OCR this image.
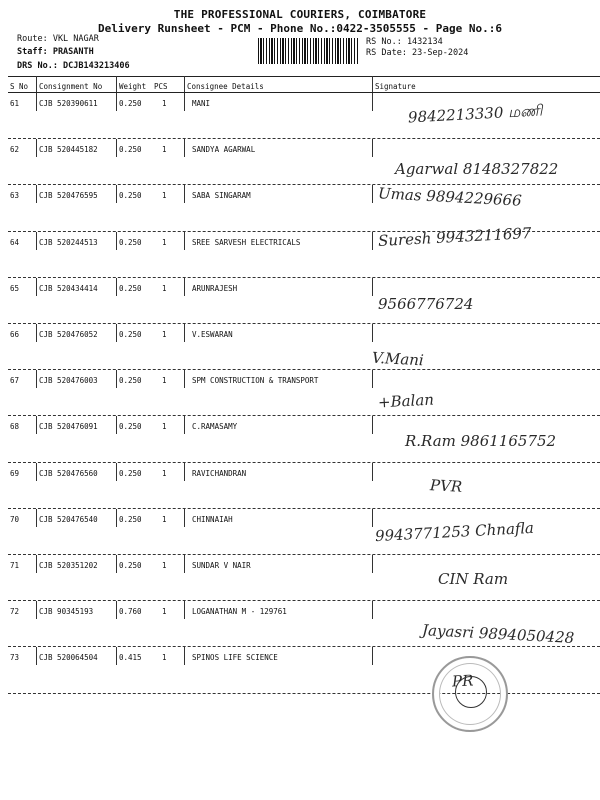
THE PROFESSIONAL COURIERS, COIMBATORE
Delivery Runsheet - PCM - Phone No.:0422-3505555 - Page No.:6
Route: VKL NAGAR
Staff: PRASANTH
DRS No.: DCJB143213406
RS No.: 1432134
RS Date: 23-Sep-2024
S No Consignment No Weight PCS	Consignee Details	Signature
61	CJB 520390611	0.250	1	MANI	9842213330 மணி
62	CJB 520445182	0.250	1	SANDYA AGARWAL
Agarwal 8148327822
63	CJB 520476595	0.250	1	SABA SINGARAM	Umas 9894229666
64	CJB 520244513	0.250	1	SREE SARVESH ELECTRICALS	Suresh 9943211697
65	CJB 520434414	0.250	1	ARUNRAJESH
9566776724
66	CJB 520476052	0.250	1	V.ESWARAN
V.Mani
67	CJB 520476003	0.250	1	SPM CONSTRUCTION & TRANSPORT
+Balan
68	CJB 520476091	0.250	1	C.RAMASAMY
R.Ram 9861165752
69	CJB 520476560	0.250	1	RAVICHANDRAN
PVR
70	CJB 520476540	0.250	1	CHINNAIAH	9943771253 Chnafla
71	CJB 520351202	0.250	1	SUNDAR V NAIR
CIN Ram
72	CJB 90345193	0.760	1	LOGANATHAN M - 129761
Jayasri 9894050428
73	CJB 520064504	0.415	1	SPINOS LIFE SCIENCE
PR
